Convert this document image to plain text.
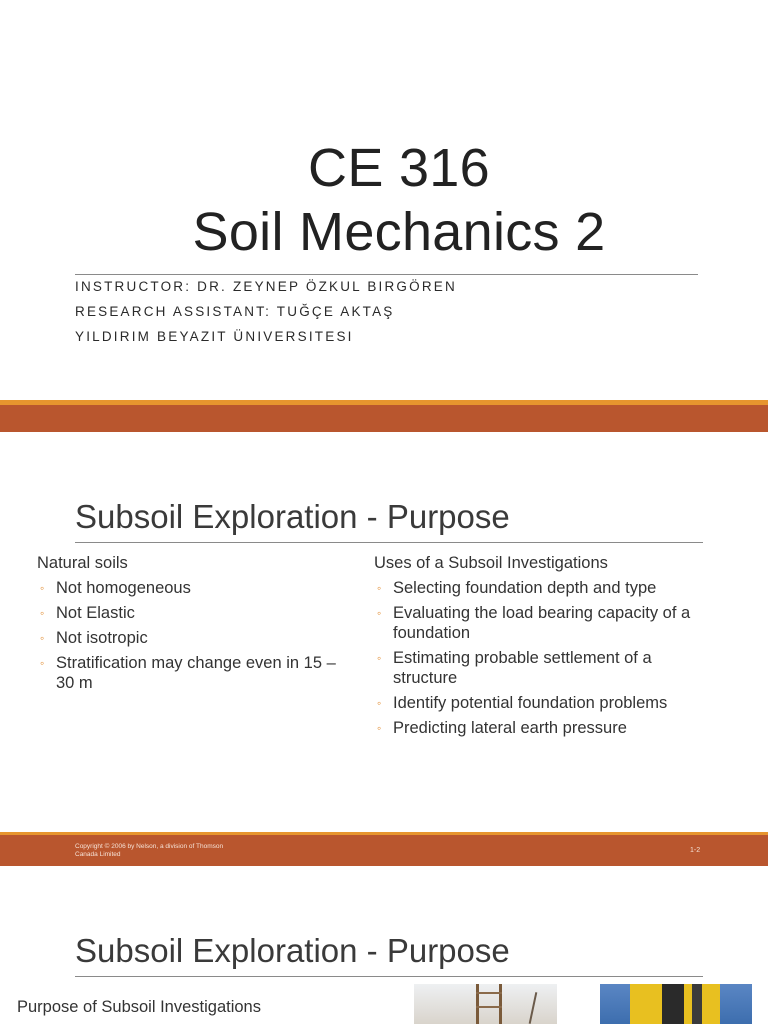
CE 316
Soil Mechanics 2
INSTRUCTOR: DR. ZEYNEP ÖZKUL BIRGÖREN
RESEARCH ASSISTANT: TUĞÇE AKTAŞ
YILDIRIM BEYAZIT ÜNIVERSITESI
Subsoil Exploration - Purpose
Natural soils
◦ Not homogeneous
◦ Not Elastic
◦ Not isotropic
◦ Stratification may change even in 15 – 30 m
Uses of a Subsoil Investigations
◦ Selecting foundation depth and type
◦ Evaluating the load bearing capacity of a foundation
◦ Estimating probable settlement of a structure
◦ Identify potential foundation problems
◦ Predicting lateral earth pressure
Copyright © 2006 by Nelson, a division of Thomson Canada Limited
1-2
Subsoil Exploration - Purpose
Purpose of Subsoil Investigations
